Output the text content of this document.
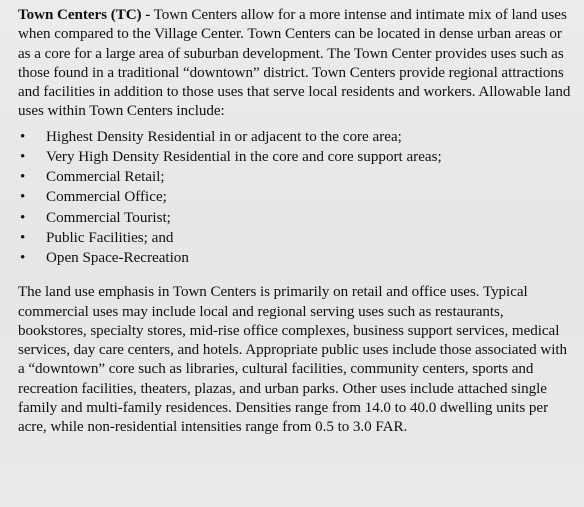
Town Centers (TC) - Town Centers allow for a more intense and intimate mix of land uses when compared to the Village Center. Town Centers can be located in dense urban areas or as a core for a large area of suburban development. The Town Center provides uses such as those found in a traditional “downtown” district. Town Centers provide regional attractions and facilities in addition to those uses that serve local residents and workers. Allowable land uses within Town Centers include:

•	Highest Density Residential in or adjacent to the core area;
•	Very High Density Residential in the core and core support areas;
•	Commercial Retail;
•	Commercial Office;
•	Commercial Tourist;
•	Public Facilities; and
•	Open Space-Recreation

The land use emphasis in Town Centers is primarily on retail and office uses. Typical commercial uses may include local and regional serving uses such as restaurants, bookstores, specialty stores, mid-rise office complexes, business support services, medical services, day care centers, and hotels. Appropriate public uses include those associated with a “downtown” core such as libraries, cultural facilities, community centers, sports and recreation facilities, theaters, plazas, and urban parks. Other uses include attached single family and multi-family residences. Densities range from 14.0 to 40.0 dwelling units per acre, while non-residential intensities range from 0.5 to 3.0 FAR.
